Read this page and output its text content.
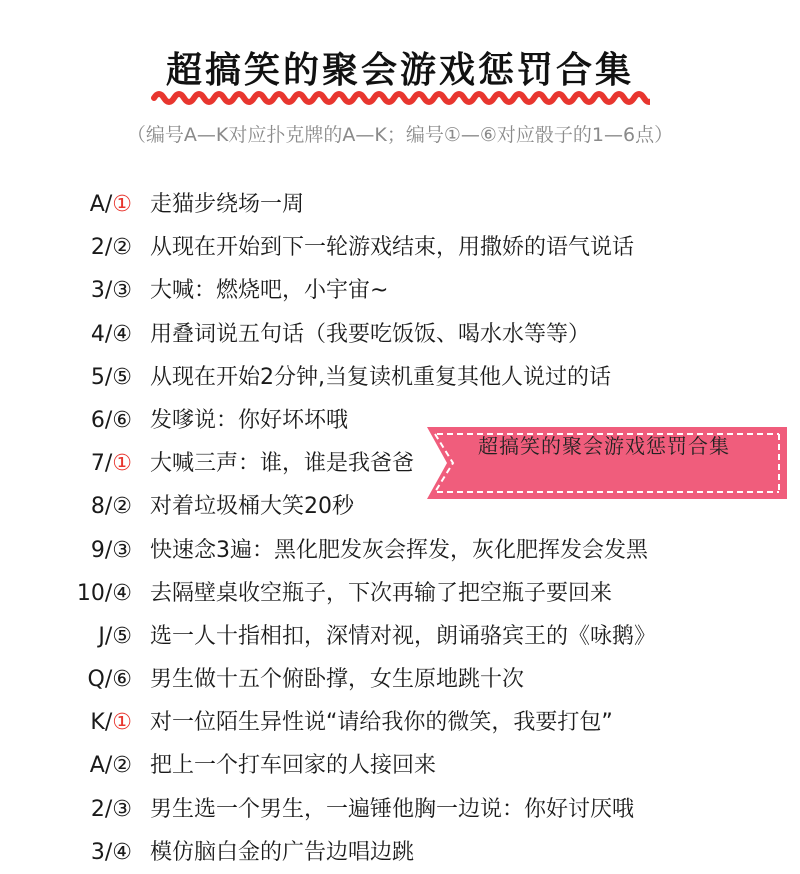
超搞笑的聚会游戏惩罚合集
（编号A—K对应扑克牌的A—K；编号①—⑥对应骰子的1—6点）
A/① 走猫步绕场一周
2/② 从现在开始到下一轮游戏结束，用撒娇的语气说话
3/③ 大喊：燃烧吧，小宇宙~
4/④ 用叠词说五句话（我要吃饭饭、喝水水等等）
5/⑤ 从现在开始2分钟,当复读机重复其他人说过的话
6/⑥ 发嗲说：你好坏坏哦
7/① 大喊三声：谁，谁是我爸爸
8/② 对着垃圾桶大笑20秒
9/③ 快速念3遍：黑化肥发灰会挥发，灰化肥挥发会发黑
10/④ 去隔壁桌收空瓶子，下次再输了把空瓶子要回来
J/⑤ 选一人十指相扣，深情对视，朗诵骆宾王的《咏鹅》
Q/⑥ 男生做十五个俯卧撑，女生原地跳十次
K/① 对一位陌生异性说“请给我你的微笑，我要打包”
A/② 把上一个打车回家的人接回来
2/③ 男生选一个男生，一遍锤他胸一边说：你好讨厌哦
3/④ 模仿脑白金的广告边唱边跳
超搞笑的聚会游戏惩罚合集
